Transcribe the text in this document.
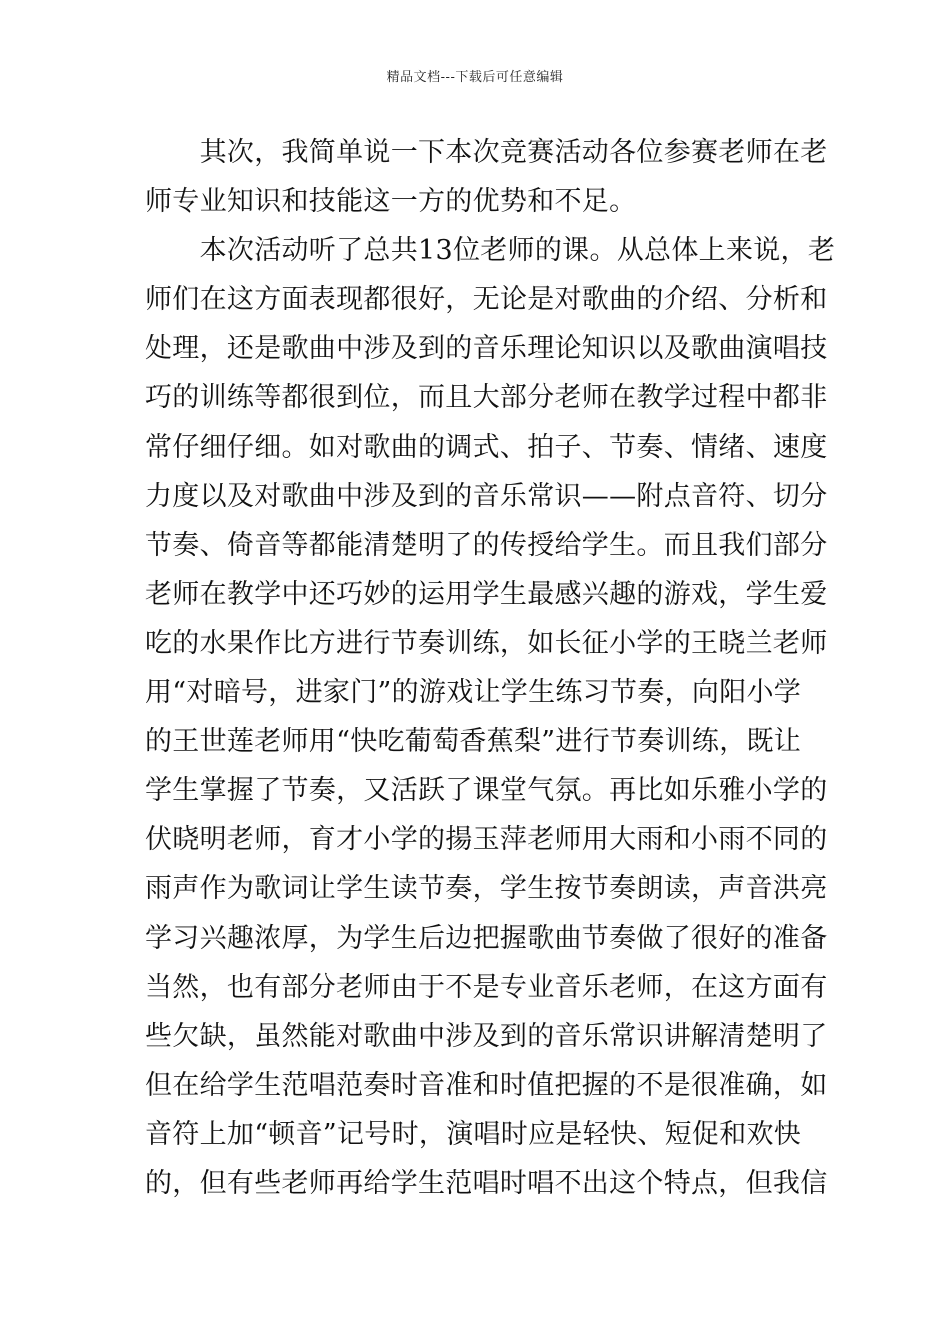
精品文档---下载后可任意编辑
　　其次，我简单说一下本次竞赛活动各位参赛老师在老
师专业知识和技能这一方的优势和不足。
　　本次活动听了总共13位老师的课。从总体上来说，老
师们在这方面表现都很好，无论是对歌曲的介绍、分析和
处理，还是歌曲中涉及到的音乐理论知识以及歌曲演唱技
巧的训练等都很到位，而且大部分老师在教学过程中都非
常仔细仔细。如对歌曲的调式、拍子、节奏、情绪、速度
力度以及对歌曲中涉及到的音乐常识——附点音符、切分
节奏、倚音等都能清楚明了的传授给学生。而且我们部分
老师在教学中还巧妙的运用学生最感兴趣的游戏，学生爱
吃的水果作比方进行节奏训练，如长征小学的王晓兰老师
用“对暗号，进家门”的游戏让学生练习节奏，向阳小学
的王世莲老师用“快吃葡萄香蕉梨”进行节奏训练，既让
学生掌握了节奏，又活跃了课堂气氛。再比如乐雅小学的
伏晓明老师，育才小学的揚玉萍老师用大雨和小雨不同的
雨声作为歌词让学生读节奏，学生按节奏朗读，声音洪亮
学习兴趣浓厚，为学生后边把握歌曲节奏做了很好的准备
当然，也有部分老师由于不是专业音乐老师，在这方面有
些欠缺，虽然能对歌曲中涉及到的音乐常识讲解清楚明了
但在给学生范唱范奏时音准和时值把握的不是很准确，如
音符上加“顿音”记号时，演唱时应是轻快、短促和欢快
的，但有些老师再给学生范唱时唱不出这个特点，但我信
